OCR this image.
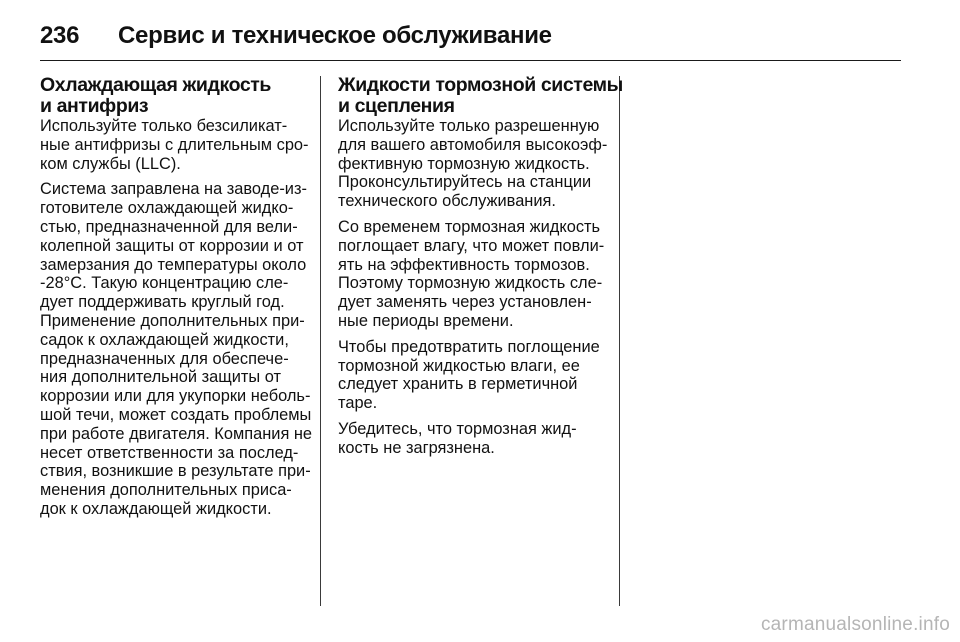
236	Сервис и техническое обслуживание
Охлаждающая жидкость
и антифриз

Используйте только безсиликат-
ные антифризы с длительным сро-
ком службы (LLC).

Система заправлена на заводе-из-
готовителе охлаждающей жидко-
стью, предназначенной для вели-
колепной защиты от коррозии и от
замерзания до температуры около
-28°C. Такую концентрацию сле-
дует поддерживать круглый год.
Применение дополнительных при-
садок к охлаждающей жидкости,
предназначенных для обеспече-
ния дополнительной защиты от
коррозии или для укупорки неболь-
шой течи, может создать проблемы
при работе двигателя. Компания не
несет ответственности за послед-
ствия, возникшие в результате при-
менения дополнительных приса-
док к охлаждающей жидкости.

Жидкости тормозной системы
и сцепления

Используйте только разрешенную
для вашего автомобиля высокоэф-
фективную тормозную жидкость.
Проконсультируйтесь на станции
технического обслуживания.

Со временем тормозная жидкость
поглощает влагу, что может повли-
ять на эффективность тормозов.
Поэтому тормозную жидкость сле-
дует заменять через установлен-
ные периоды времени.

Чтобы предотвратить поглощение
тормозной жидкостью влаги, ее
следует хранить в герметичной
таре.

Убедитесь, что тормозная жид-
кость не загрязнена.

carmanualsonline.info
